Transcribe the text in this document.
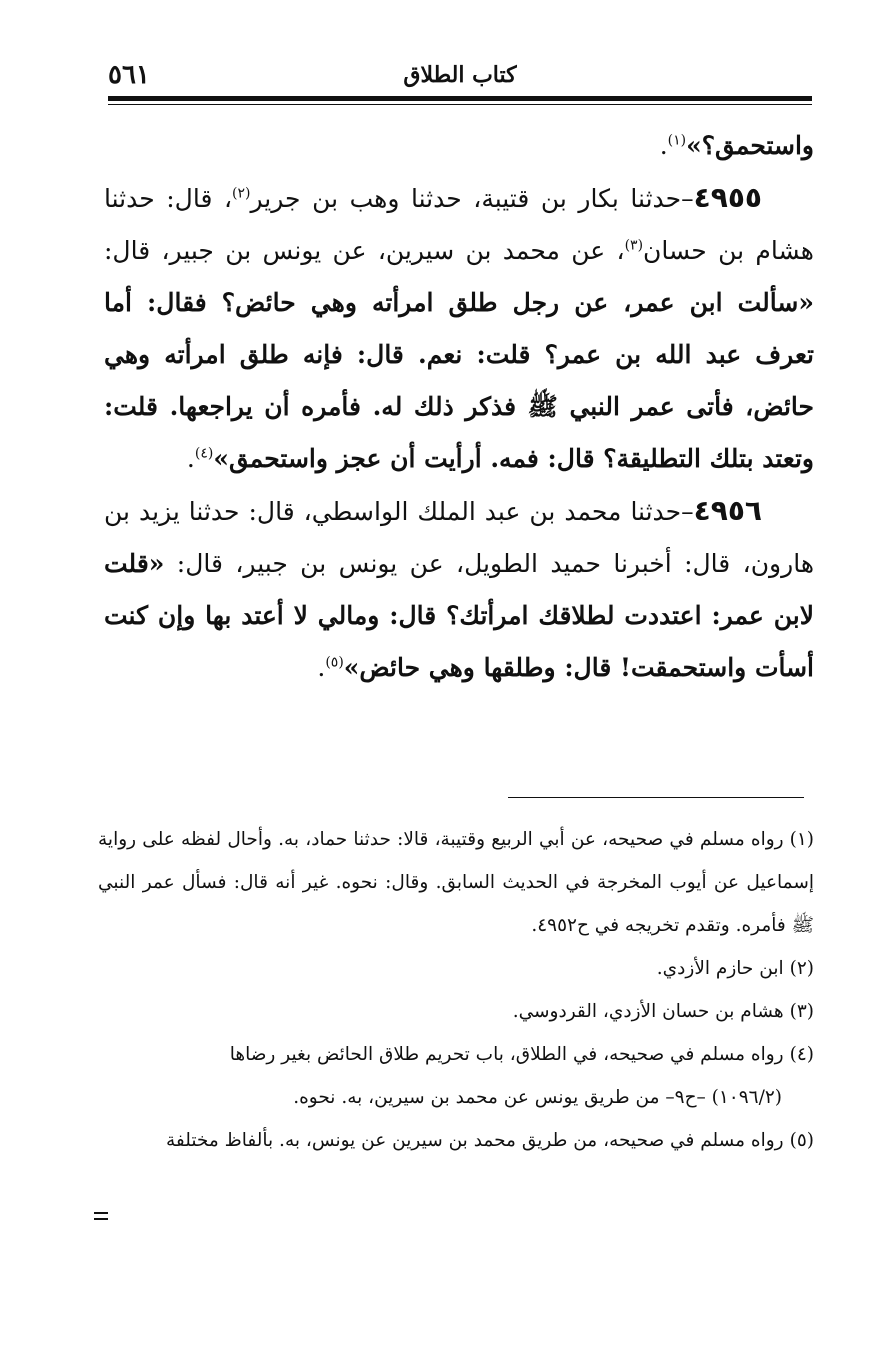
كتاب الطلاق
٥٦١

واستحمق؟»$^{(١)}$.

٤٩٥٥–حدثنا بكار بن قتيبة، حدثنا وهب بن جرير$^{(٢)}$، قال: حدثنا هشام بن حسان$^{(٣)}$، عن محمد بن سيرين، عن يونس بن جبير، قال: «سألت ابن عمر، عن رجل طلق امرأته وهي حائض؟ فقال: أما تعرف عبد الله بن عمر؟ قلت: نعم. قال: فإنه طلق امرأته وهي حائض، فأتى عمر النبي ﷺ فذكر ذلك له. فأمره أن يراجعها. قلت: وتعتد بتلك التطليقة؟ قال: فمه. أرأيت أن عجز واستحمق»$^{(٤)}$.

٤٩٥٦–حدثنا محمد بن عبد الملك الواسطي، قال: حدثنا يزيد بن هارون، قال: أخبرنا حميد الطويل، عن يونس بن جبير، قال: «قلت لابن عمر: اعتددت لطلاقك امرأتك؟ قال: ومالي لا أعتد بها وإن كنت أسأت واستحمقت! قال: وطلقها وهي حائض»$^{(٥)}$.

(١)رواه مسلم في صحيحه، عن أبي الربيع وقتيبة، قالا: حدثنا حماد، به. وأحال لفظه على رواية إسماعيل عن أيوب المخرجة في الحديث السابق. وقال: نحوه. غير أنه قال: فسأل عمر النبي ﷺ فأمره. وتقدم تخريجه في ح٤٩٥٢.

(٢)ابن حازم الأزدي.

(٣)هشام بن حسان الأزدي، القردوسي.

(٤)رواه مسلم في صحيحه، في الطلاق، باب تحريم طلاق الحائض بغير رضاها

(١٠٩٦/٢) –ح٩– من طريق يونس عن محمد بن سيرين، به. نحوه.

(٥)رواه مسلم في صحيحه، من طريق محمد بن سيرين عن يونس، به. بألفاظ مختلفة
